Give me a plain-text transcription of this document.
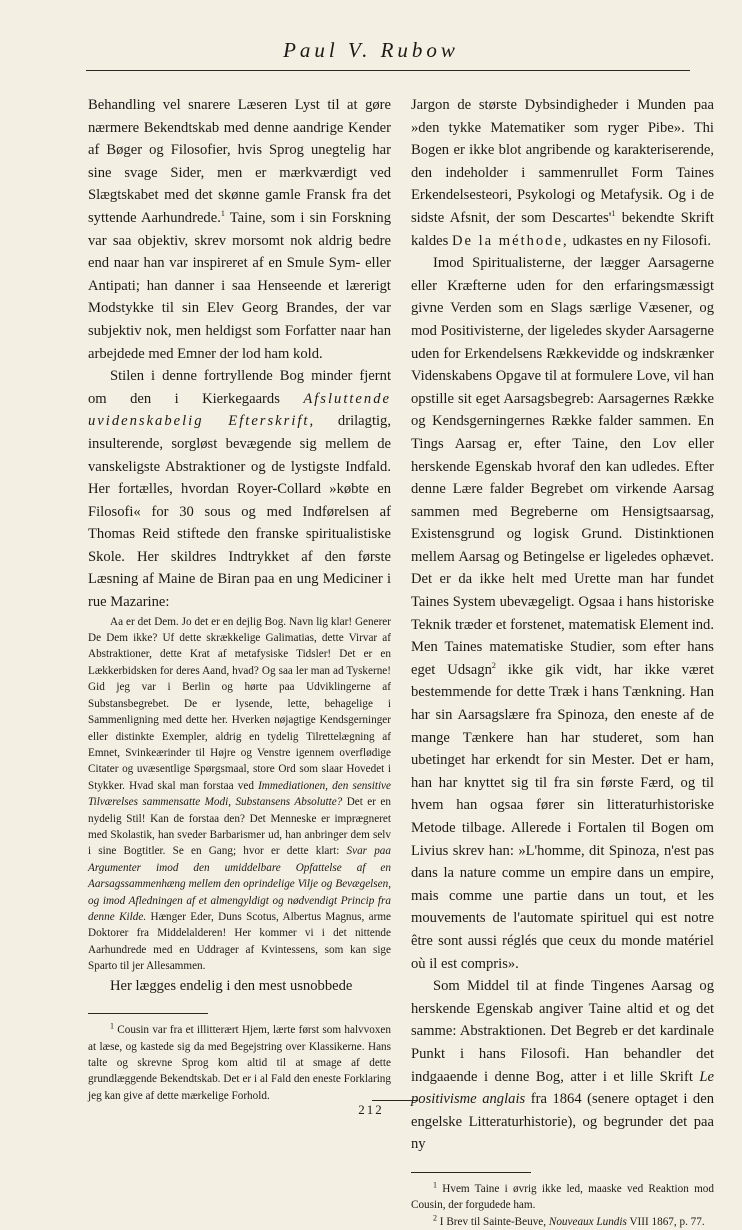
Paul V. Rubow

Behandling vel snarere Læseren Lyst til at gøre nærmere Bekendtskab med denne aandrige Kender af Bøger og Filosofier, hvis Sprog unegtelig har sine svage Sider, men er mærkværdigt ved Slægtskabet med det skønne gamle Fransk fra det syttende Aarhundrede.$^1$ Taine, som i sin Forskning var saa objektiv, skrev morsomt nok aldrig bedre end naar han var inspireret af en Smule Sym- eller Antipati; han danner i saa Henseende et lærerigt Modstykke til sin Elev Georg Brandes, der var subjektiv nok, men heldigst som Forfatter naar han arbejdede med Emner der lod ham kold.

Stilen i denne fortryllende Bog minder fjernt om den i Kierkegaards Afsluttende uvidenskabelig Efterskrift, drilagtig, insulterende, sorgløst bevægende sig mellem de vanskeligste Abstraktioner og de lystigste Indfald. Her fortælles, hvordan Royer-Collard »købte en Filosofi« for 30 sous og med Indførelsen af Thomas Reid stiftede den franske spiritualistiske Skole. Her skildres Indtrykket af den første Læsning af Maine de Biran paa en ung Mediciner i rue Mazarine:

Aa er det Dem. Jo det er en dejlig Bog. Navn lig klar! Generer De Dem ikke? Uf dette skrækkelige Galimatias, dette Virvar af Abstraktioner, dette Krat af metafysiske Tidsler! Det er en Lækkerbidsken for deres Aand, hvad? Og saa ler man ad Tyskerne! Gid jeg var i Berlin og hørte paa Udviklingerne af Substansbegrebet. De er lysende, lette, behagelige i Sammenligning med dette her. Hverken nøjagtige Kendsgerninger eller distinkte Exempler, aldrig en tydelig Tilrettelægning af Emnet, Svinkeærinder til Højre og Venstre igennem overflødige Citater og uvæsentlige Spørgsmaal, store Ord som slaar Hovedet i Stykker. Hvad skal man forstaa ved Immediationen, den sensitive Tilværelses sammensatte Modi, Substansens Absolutte? Det er en nydelig Stil! Kan de forstaa den? Det Menneske er imprægneret med Skolastik, han sveder Barbarismer ud, han anbringer dem selv i sine Bogtitler. Se en Gang; hvor er dette klart: Svar paa Argumenter imod den umiddelbare Opfattelse af en Aarsagssammenhæng mellem den oprindelige Vilje og Bevægelsen, og imod Afledningen af et almengyldigt og nødvendigt Princip fra denne Kilde. Hænger Eder, Duns Scotus, Albertus Magnus, arme Doktorer fra Middelalderen! Her kommer vi i det nittende Aarhundrede med en Uddrager af Kvintessens, som kan sige Sparto til jer Allesammen.

Her lægges endelig i den mest usnobbede

$^1$ Cousin var fra et illitterært Hjem, lærte først som halvvoxen at læse, og kastede sig da med Begejstring over Klassikerne. Hans talte og skrevne Sprog kom altid til at smage af dette grundlæggende Bekendtskab. Det er i al Fald den eneste Forklaring jeg kan give af dette mærkelige Forhold.

Jargon de største Dybsindigheder i Munden paa »den tykke Matematiker som ryger Pibe». Thi Bogen er ikke blot angribende og karakteriserende, den indeholder i sammenrullet Form Taines Erkendelsesteori, Psykologi og Metafysik. Og i de sidste Afsnit, der som $Descartes'^1$ bekendte Skrift kaldes De la méthode, udkastes en ny Filosofi.

Imod Spiritualisterne, der lægger Aarsagerne eller Kræfterne uden for den erfaringsmæssigt givne Verden som en Slags særlige Væsener, og mod Positivisterne, der ligeledes skyder Aarsagerne uden for Erkendelsens Rækkevidde og indskrænker Videnskabens Opgave til at formulere Love, vil han opstille sit eget Aarsagsbegreb: Aarsagernes Række og Kendsgerningernes Række falder sammen. En Tings Aarsag er, efter Taine, den Lov eller herskende Egenskab hvoraf den kan udledes. Efter denne Lære falder Begrebet om virkende Aarsag sammen med Begreberne om Hensigtsaarsag, Existensgrund og logisk Grund. Distinktionen mellem Aarsag og Betingelse er ligeledes ophævet. Det er da ikke helt med Urette man har fundet Taines System ubevægeligt. Ogsaa i hans historiske Teknik træder et forstenet, matematisk Element ind. Men Taines matematiske Studier, som efter hans eget Udsagn$^2$ ikke gik vidt, har ikke været bestemmende for dette Træk i hans Tænkning. Han har sin Aarsagslære fra Spinoza, den eneste af de mange Tænkere han har studeret, som han ubetinget har erkendt for sin Mester. Det er ham, han har knyttet sig til fra sin første Færd, og til hvem han ogsaa fører sin litteraturhistoriske Metode tilbage. Allerede i Fortalen til Bogen om Livius skrev han: »L'homme, dit Spinoza, n'est pas dans la nature comme un empire dans un empire, mais comme une partie dans un tout, et les mouvements de l'automate spirituel qui est notre être sont aussi réglés que ceux du monde matériel où il est compris».

Som Middel til at finde Tingenes Aarsag og herskende Egenskab angiver Taine altid et og det samme: Abstraktionen. Det Begreb er det kardinale Punkt i hans Filosofi. Han behandler det indgaaende i denne Bog, atter i et lille Skrift Le positivisme anglais fra 1864 (senere optaget i den engelske Litteraturhistorie), og begrunder det paa ny

$^1$ Hvem Taine i øvrig ikke led, maaske ved Reaktion mod Cousin, der forgudede ham.

$^2$ I Brev til Sainte-Beuve, Nouveaux Lundis VIII 1867, p. 77.

212
